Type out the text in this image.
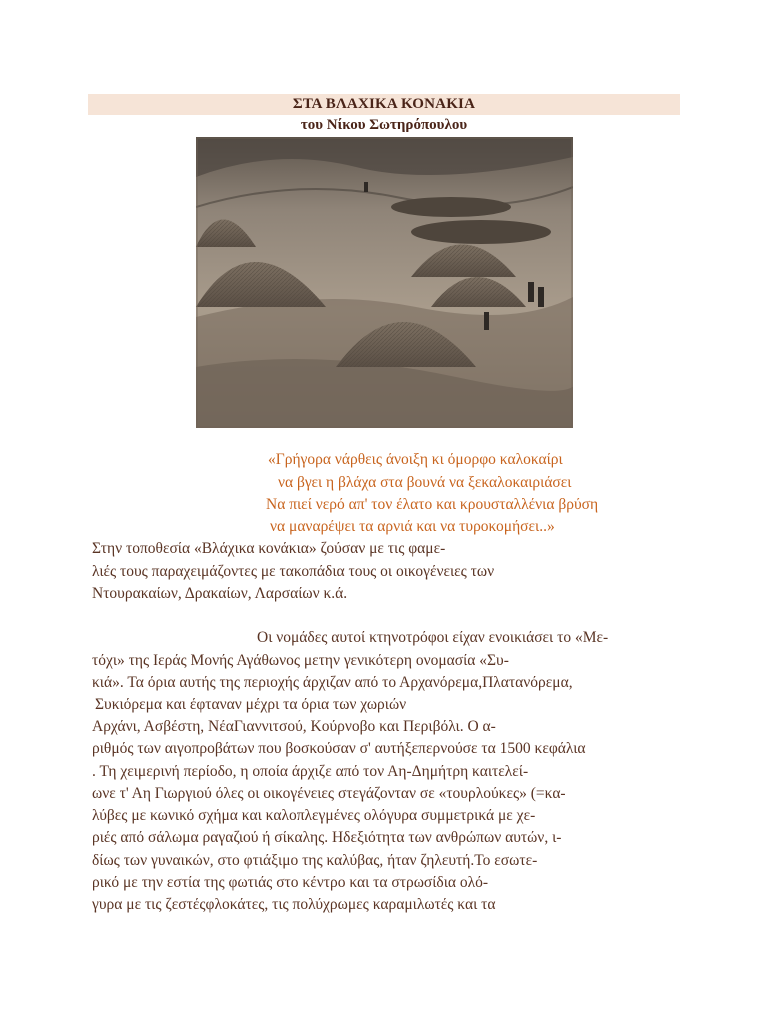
ΣΤΑ ΒΛΑΧΙΚΑ ΚΟΝΑΚΙΑ
του Νίκου Σωτηρόπουλου
«Γρήγορα νάρθεις άνοιξη κι όμορφο καλοκαίρι
να βγει η βλάχα στα βουνά να ξεκαλοκαιριάσει
Να πιεί νερό απ' τον έλατο και κρουσταλλένια βρύση
να μαναρέψει τα αρνιά και να τυροκομήσει..»
Στην τοποθεσία «Βλάχικα κονάκια» ζούσαν με τις φαμε-
λιές τους παραχειμάζοντες με τακοπάδια τους οι οικογένειες των
Ντουρακαίων, Δρακαίων, Λαρσαίων κ.ά.
Οι νομάδες αυτοί κτηνοτρόφοι είχαν ενοικιάσει το «Με-
τόχι» της Ιεράς Μονής Αγάθωνος μετην γενικότερη ονομασία «Συ-
κιά». Τα όρια αυτής της περιοχής άρχιζαν από το Αρχανόρεμα,Πλατανόρεμα,
Συκιόρεμα και έφταναν μέχρι τα όρια των χωριών
Αρχάνι, Ασβέστη, ΝέαΓιαννιτσού, Κούρνοβο και Περιβόλι. Ο α-
ριθμός των αιγοπροβάτων που βοσκούσαν σ' αυτήξεπερνούσε τα 1500 κεφάλια
. Τη χειμερινή περίοδο, η οποία άρχιζε από τον Αη-Δημήτρη καιτελεί-
ωνε τ' Αη Γιωργιού όλες οι οικογένειες στεγάζονταν σε «τουρλούκες» (=κα-
λύβες με κωνικό σχήμα και καλοπλεγμένες ολόγυρα συμμετρικά με χε-
ριές από σάλωμα ραγαζιού ή σίκαλης. Ηδεξιότητα των ανθρώπων αυτών, ι-
δίως των γυναικών, στο φτιάξιμο της καλύβας, ήταν ζηλευτή.Το εσωτε-
ρικό με την εστία της φωτιάς στο κέντρο και τα στρωσίδια ολό-
γυρα με τις ζεστέςφλοκάτες, τις πολύχρωμες καραμιλωτές και τα
